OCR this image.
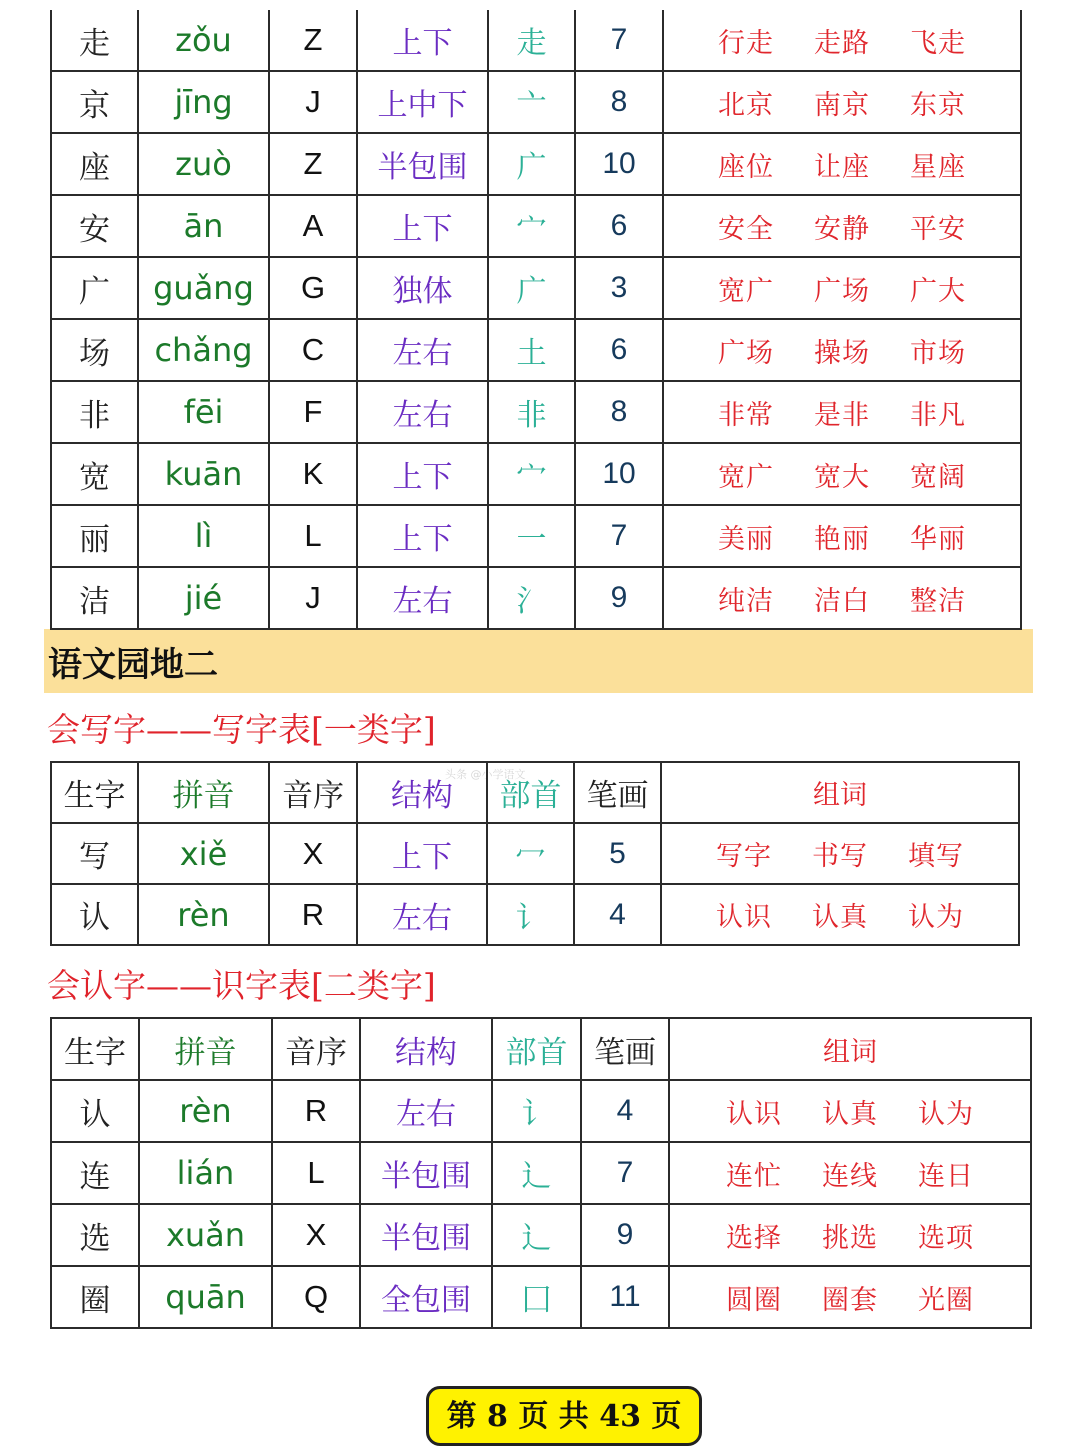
语文园地二
会写字——写字表[一类字]
会认字——识字表[二类字]
头条 @小学语文
走	zǒu	Z	上下	走	7	行走 走路 飞走
京	jīng	J	上中下	亠	8	北京 南京 东京
座	zuò	Z	半包围	广	10	座位 让座 星座
安	ān	A	上下	宀	6	安全 安静 平安
广	guǎng	G	独体	广	3	宽广 广场 广大
场	chǎng	C	左右	土	6	广场 操场 市场
非	fēi	F	左右	非	8	非常 是非 非凡
宽	kuān	K	上下	宀	10	宽广 宽大 宽阔
丽	lì	L	上下	一	7	美丽 艳丽 华丽
洁	jié	J	左右	氵	9	纯洁 洁白 整洁
生字	拼音	音序	结构	部首	笔画	组词
写	xiě	X	上下	冖	5	写字 书写 填写
认	rèn	R	左右	讠	4	认识 认真 认为
生字	拼音	音序	结构	部首	笔画	组词
认	rèn	R	左右	讠	4	认识 认真 认为
连	lián	L	半包围	辶	7	连忙 连线 连日
选	xuǎn	X	半包围	辶	9	选择 挑选 选项
圈	quān	Q	全包围	囗	11	圆圈 圈套 光圈
第 8 页 共 43 页
